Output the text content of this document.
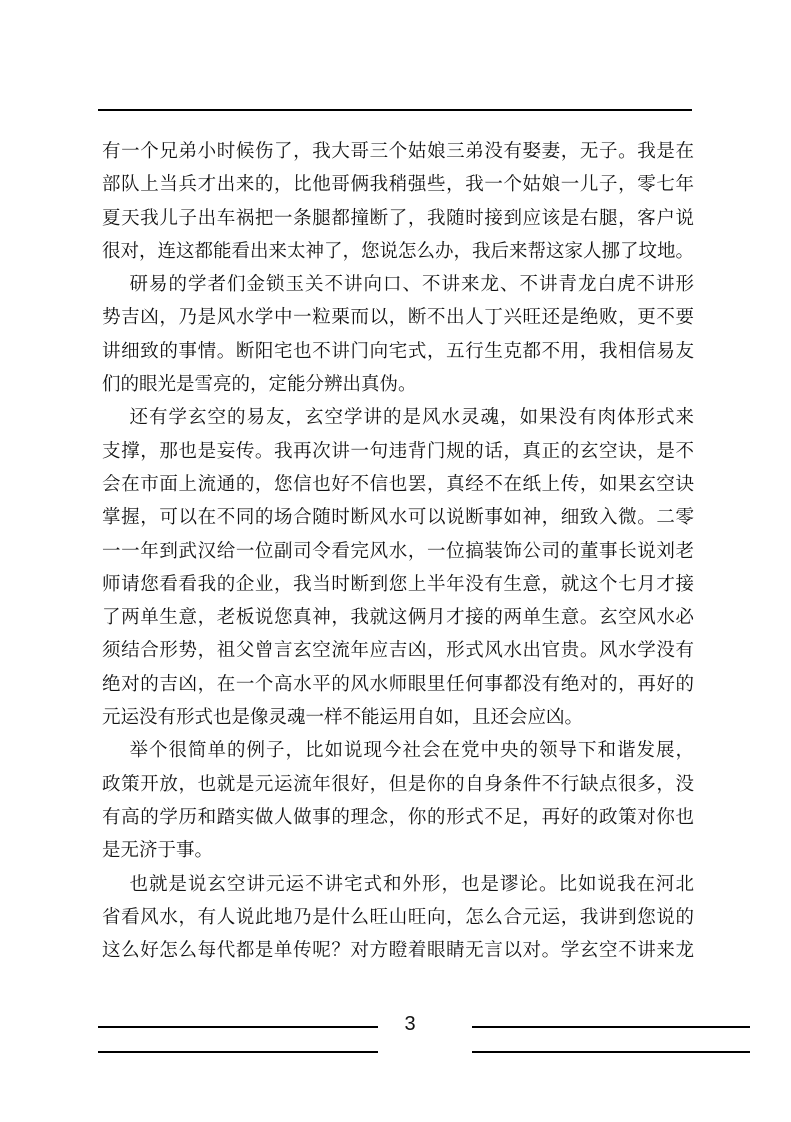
有一个兄弟小时候伤了，我大哥三个姑娘三弟没有娶妻，无子。我是在
部队上当兵才出来的，比他哥俩我稍强些，我一个姑娘一儿子，零七年
夏天我儿子出车祸把一条腿都撞断了，我随时接到应该是右腿，客户说
很对，连这都能看出来太神了，您说怎么办，我后来帮这家人挪了坟地。
研易的学者们金锁玉关不讲向口、不讲来龙、不讲青龙白虎不讲形
势吉凶，乃是风水学中一粒栗而以，断不出人丁兴旺还是绝败，更不要
讲细致的事情。断阳宅也不讲门向宅式，五行生克都不用，我相信易友
们的眼光是雪亮的，定能分辨出真伪。
还有学玄空的易友，玄空学讲的是风水灵魂，如果没有肉体形式来
支撑，那也是妄传。我再次讲一句违背门规的话，真正的玄空诀，是不
会在市面上流通的，您信也好不信也罢，真经不在纸上传，如果玄空诀
掌握，可以在不同的场合随时断风水可以说断事如神，细致入微。二零
一一年到武汉给一位副司令看完风水，一位搞装饰公司的董事长说刘老
师请您看看我的企业，我当时断到您上半年没有生意，就这个七月才接
了两单生意，老板说您真神，我就这俩月才接的两单生意。玄空风水必
须结合形势，祖父曾言玄空流年应吉凶，形式风水出官贵。风水学没有
绝对的吉凶，在一个高水平的风水师眼里任何事都没有绝对的，再好的
元运没有形式也是像灵魂一样不能运用自如，且还会应凶。
举个很简单的例子，比如说现今社会在党中央的领导下和谐发展，
政策开放，也就是元运流年很好，但是你的自身条件不行缺点很多，没
有高的学历和踏实做人做事的理念，你的形式不足，再好的政策对你也
是无济于事。
也就是说玄空讲元运不讲宅式和外形，也是谬论。比如说我在河北
省看风水，有人说此地乃是什么旺山旺向，怎么合元运，我讲到您说的
这么好怎么每代都是单传呢？对方瞪着眼睛无言以对。学玄空不讲来龙
3
